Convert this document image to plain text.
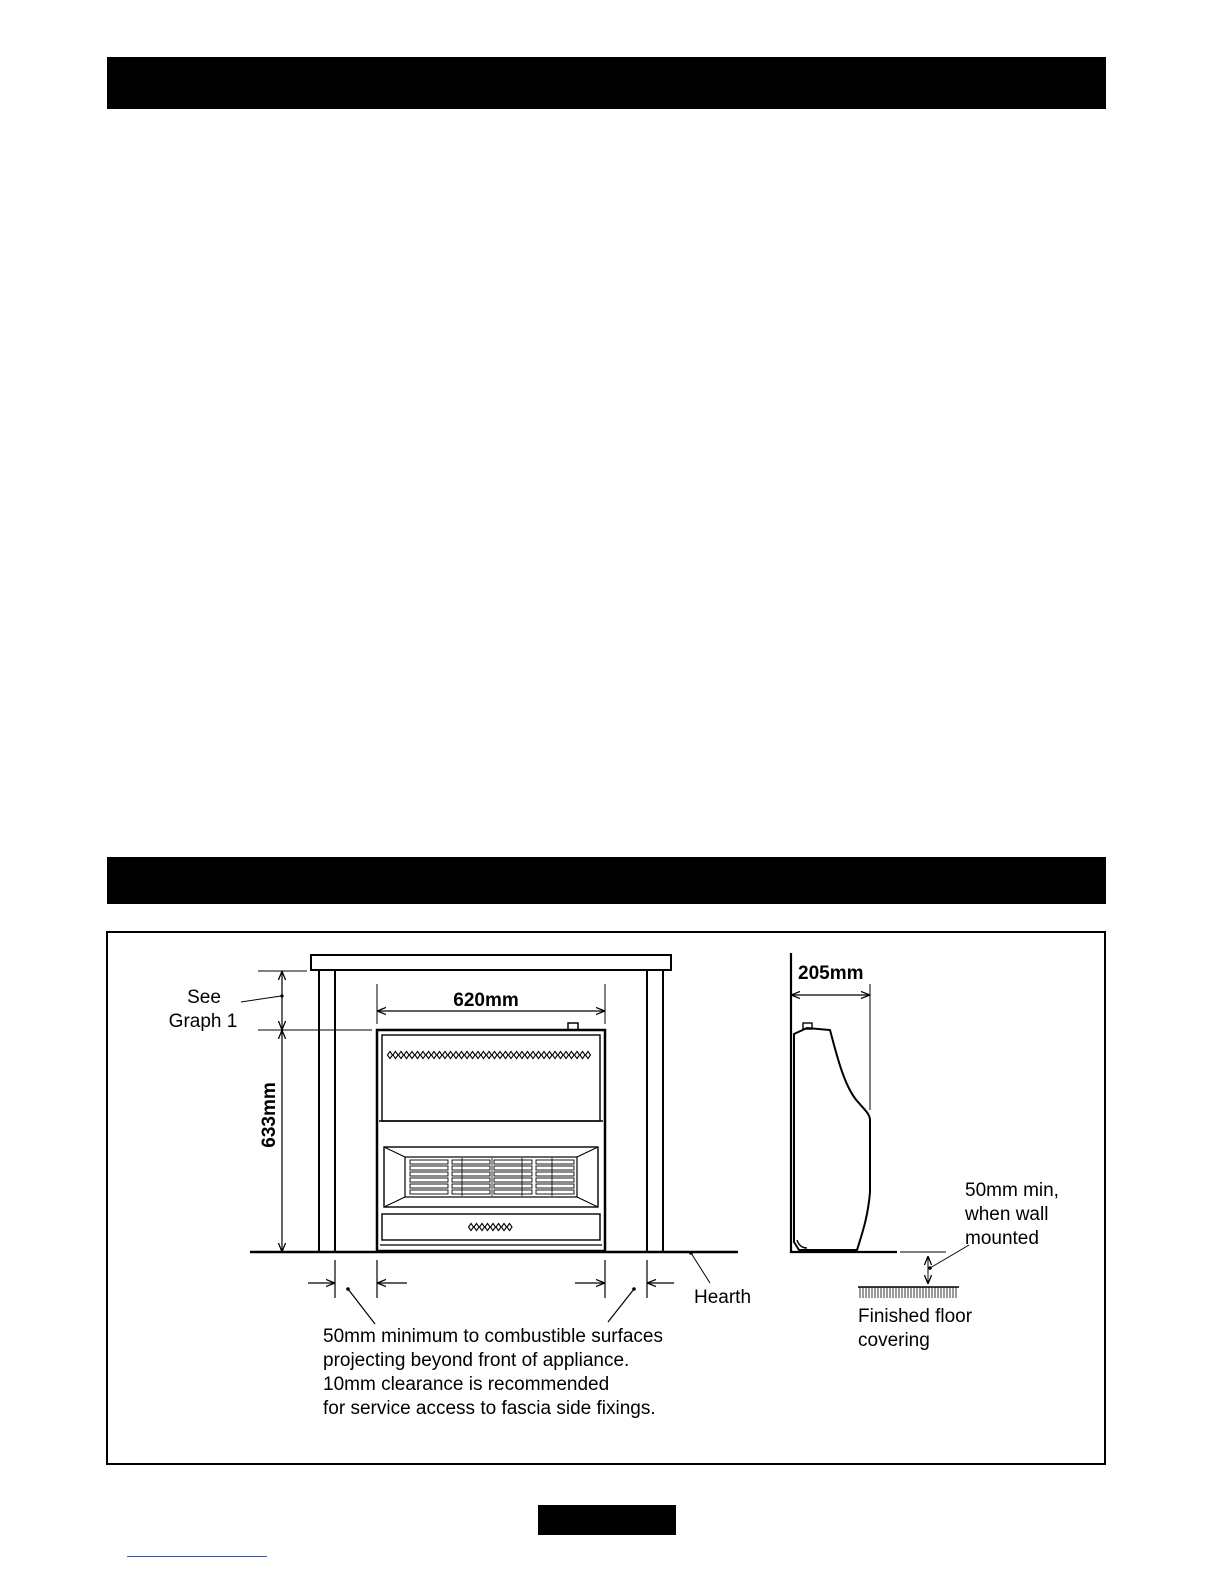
620mm
633mm
See
Graph 1
Hearth
50mm minimum to combustible surfaces
projecting beyond front of appliance.
10mm clearance is recommended
for service access to fascia side fixings.
205mm
50mm min,
when wall
mounted
Finished floor
covering
